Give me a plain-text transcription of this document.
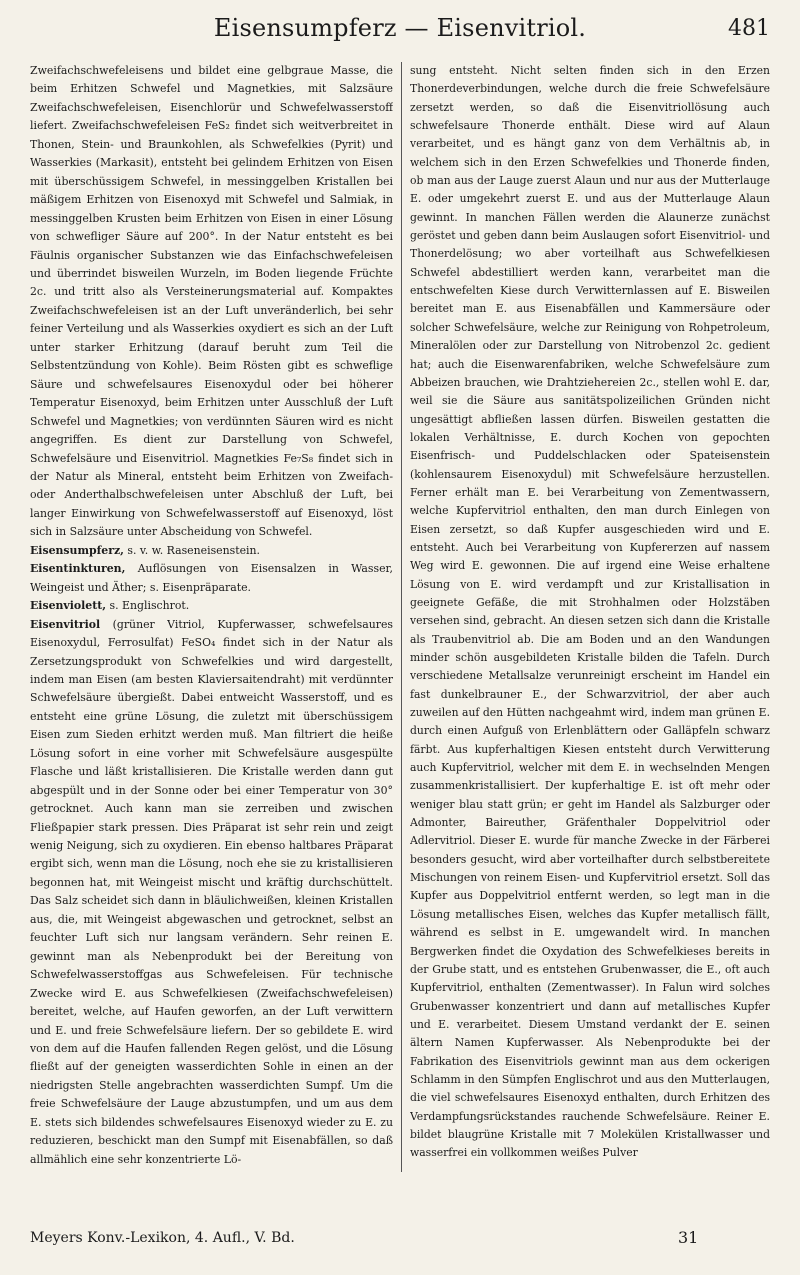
Eisensumpferz — Eisenvitriol.	481

Zweifachschwefeleisens und bildet eine gelbgraue Masse, die beim Erhitzen Schwefel und Magnetkies, mit Salzsäure Zweifachschwefeleisen, Eisenchlorür und Schwefelwasserstoff liefert. Zweifachschwefeleisen FeS₂ findet sich weitverbreitet in Thonen, Stein- und Braunkohlen, als Schwefelkies (Pyrit) und Wasserkies (Markasit), entsteht bei gelindem Erhitzen von Eisen mit überschüssigem Schwefel, in messinggelben Kristallen bei mäßigem Erhitzen von Eisenoxyd mit Schwefel und Salmiak, in messinggelben Krusten beim Erhitzen von Eisen in einer Lösung von schwefliger Säure auf 200°. In der Natur entsteht es bei Fäulnis organischer Substanzen wie das Einfachschwefeleisen und überrindet bisweilen Wurzeln, im Boden liegende Früchte 2c. und tritt also als Versteinerungsmaterial auf. Kompaktes Zweifachschwefeleisen ist an der Luft unveränderlich, bei sehr feiner Verteilung und als Wasserkies oxydiert es sich an der Luft unter starker Erhitzung (darauf beruht zum Teil die Selbstentzündung von Kohle). Beim Rösten gibt es schweflige Säure und schwefelsaures Eisenoxydul oder bei höherer Temperatur Eisenoxyd, beim Erhitzen unter Ausschluß der Luft Schwefel und Magnetkies; von verdünnten Säuren wird es nicht angegriffen. Es dient zur Darstellung von Schwefel, Schwefelsäure und Eisenvitriol. Magnetkies Fe₇S₈ findet sich in der Natur als Mineral, entsteht beim Erhitzen von Zweifach- oder Anderthalbschwefeleisen unter Abschluß der Luft, bei langer Einwirkung von Schwefelwasserstoff auf Eisenoxyd, löst sich in Salzsäure unter Abscheidung von Schwefel.

Eisensumpferz, s. v. w. Raseneisenstein.

Eisentinkturen, Auflösungen von Eisensalzen in Wasser, Weingeist und Äther; s. Eisenpräparate.

Eisenviolett, s. Englischrot.

Eisenvitriol (grüner Vitriol, Kupferwasser, schwefelsaures Eisenoxydul, Ferrosulfat) FeSO₄ findet sich in der Natur als Zersetzungsprodukt von Schwefelkies und wird dargestellt, indem man Eisen (am besten Klaviersaitendraht) mit verdünnter Schwefelsäure übergießt. Dabei entweicht Wasserstoff, und es entsteht eine grüne Lösung, die zuletzt mit überschüssigem Eisen zum Sieden erhitzt werden muß. Man filtriert die heiße Lösung sofort in eine vorher mit Schwefelsäure ausgespülte Flasche und läßt kristallisieren. Die Kristalle werden dann gut abgespült und in der Sonne oder bei einer Temperatur von 30° getrocknet. Auch kann man sie zerreiben und zwischen Fließpapier stark pressen. Dies Präparat ist sehr rein und zeigt wenig Neigung, sich zu oxydieren. Ein ebenso haltbares Präparat ergibt sich, wenn man die Lösung, noch ehe sie zu kristallisieren begonnen hat, mit Weingeist mischt und kräftig durchschüttelt. Das Salz scheidet sich dann in bläulichweißen, kleinen Kristallen aus, die, mit Weingeist abgewaschen und getrocknet, selbst an feuchter Luft sich nur langsam verändern. Sehr reinen E. gewinnt man als Nebenprodukt bei der Bereitung von Schwefelwasserstoffgas aus Schwefeleisen. Für technische Zwecke wird E. aus Schwefelkiesen (Zweifachschwefeleisen) bereitet, welche, auf Haufen geworfen, an der Luft verwittern und E. und freie Schwefelsäure liefern. Der so gebildete E. wird von dem auf die Haufen fallenden Regen gelöst, und die Lösung fließt auf der geneigten wasserdichten Sohle in einen an der niedrigsten Stelle angebrachten wasserdichten Sumpf. Um die freie Schwefelsäure der Lauge abzustumpfen, und um aus dem E. stets sich bildendes schwefelsaures Eisenoxyd wieder zu E. zu reduzieren, beschickt man den Sumpf mit Eisenabfällen, so daß allmählich eine sehr konzentrierte Lö-

sung entsteht. Nicht selten finden sich in den Erzen Thonerdeverbindungen, welche durch die freie Schwefelsäure zersetzt werden, so daß die Eisenvitriollösung auch schwefelsaure Thonerde enthält. Diese wird auf Alaun verarbeitet, und es hängt ganz von dem Verhältnis ab, in welchem sich in den Erzen Schwefelkies und Thonerde finden, ob man aus der Lauge zuerst Alaun und nur aus der Mutterlauge E. oder umgekehrt zuerst E. und aus der Mutterlauge Alaun gewinnt. In manchen Fällen werden die Alaunerze zunächst geröstet und geben dann beim Auslaugen sofort Eisenvitriol- und Thonerdelösung; wo aber vorteilhaft aus Schwefelkiesen Schwefel abdestilliert werden kann, verarbeitet man die entschwefelten Kiese durch Verwitternlassen auf E. Bisweilen bereitet man E. aus Eisenabfällen und Kammersäure oder solcher Schwefelsäure, welche zur Reinigung von Rohpetroleum, Mineralölen oder zur Darstellung von Nitrobenzol 2c. gedient hat; auch die Eisenwarenfabriken, welche Schwefelsäure zum Abbeizen brauchen, wie Drahtziehereien 2c., stellen wohl E. dar, weil sie die Säure aus sanitätspolizeilichen Gründen nicht ungesättigt abfließen lassen dürfen. Bisweilen gestatten die lokalen Verhältnisse, E. durch Kochen von gepochten Eisenfrisch- und Puddelschlacken oder Spateisenstein (kohlensaurem Eisenoxydul) mit Schwefelsäure herzustellen. Ferner erhält man E. bei Verarbeitung von Zementwassern, welche Kupfervitriol enthalten, den man durch Einlegen von Eisen zersetzt, so daß Kupfer ausgeschieden wird und E. entsteht. Auch bei Verarbeitung von Kupfererzen auf nassem Weg wird E. gewonnen. Die auf irgend eine Weise erhaltene Lösung von E. wird verdampft und zur Kristallisation in geeignete Gefäße, die mit Strohhalmen oder Holzstäben versehen sind, gebracht. An diesen setzen sich dann die Kristalle als Traubenvitriol ab. Die am Boden und an den Wandungen minder schön ausgebildeten Kristalle bilden die Tafeln. Durch verschiedene Metallsalze verunreinigt erscheint im Handel ein fast dunkelbrauner E., der Schwarzvitriol, der aber auch zuweilen auf den Hütten nachgeahmt wird, indem man grünen E. durch einen Aufguß von Erlenblättern oder Galläpfeln schwarz färbt. Aus kupferhaltigen Kiesen entsteht durch Verwitterung auch Kupfervitriol, welcher mit dem E. in wechselnden Mengen zusammenkristallisiert. Der kupferhaltige E. ist oft mehr oder weniger blau statt grün; er geht im Handel als Salzburger oder Admonter, Baireuther, Gräfenthaler Doppelvitriol oder Adlervitriol. Dieser E. wurde für manche Zwecke in der Färberei besonders gesucht, wird aber vorteilhafter durch selbstbereitete Mischungen von reinem Eisen- und Kupfervitriol ersetzt. Soll das Kupfer aus Doppelvitriol entfernt werden, so legt man in die Lösung metallisches Eisen, welches das Kupfer metallisch fällt, während es selbst in E. umgewandelt wird. In manchen Bergwerken findet die Oxydation des Schwefelkieses bereits in der Grube statt, und es entstehen Grubenwasser, die E., oft auch Kupfervitriol, enthalten (Zementwasser). In Falun wird solches Grubenwasser konzentriert und dann auf metallisches Kupfer und E. verarbeitet. Diesem Umstand verdankt der E. seinen ältern Namen Kupferwasser. Als Nebenprodukte bei der Fabrikation des Eisenvitriols gewinnt man aus dem ockerigen Schlamm in den Sümpfen Englischrot und aus den Mutterlaugen, die viel schwefelsaures Eisenoxyd enthalten, durch Erhitzen des Verdampfungsrückstandes rauchende Schwefelsäure. Reiner E. bildet blaugrüne Kristalle mit 7 Molekülen Kristallwasser und wasserfrei ein vollkommen weißes Pulver

Meyers Konv.-Lexikon, 4. Aufl., V. Bd.	31
